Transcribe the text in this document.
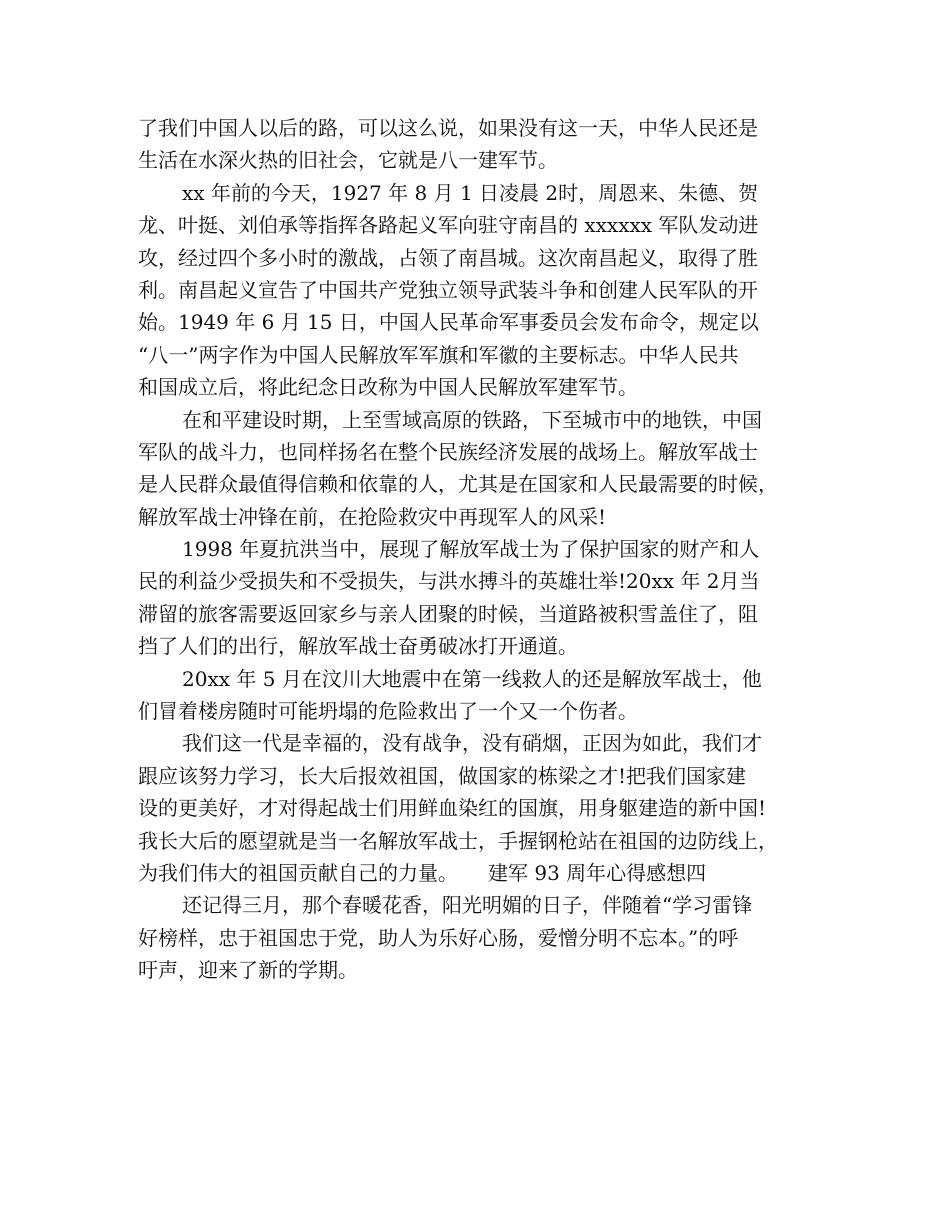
了我们中国人以后的路，可以这么说，如果没有这一天，中华人民还是
生活在水深火热的旧社会，它就是八一建军节。
xx 年前的今天，1927 年 8 月 1 日凌晨 2时，周恩来、朱德、贺
龙、叶挺、刘伯承等指挥各路起义军向驻守南昌的 xxxxxx 军队发动进
攻，经过四个多小时的激战，占领了南昌城。这次南昌起义，取得了胜
利。南昌起义宣告了中国共产党独立领导武装斗争和创建人民军队的开
始。1949 年 6 月 15 日，中国人民革命军事委员会发布命令，规定以
“八一”两字作为中国人民解放军军旗和军徽的主要标志。中华人民共
和国成立后，将此纪念日改称为中国人民解放军建军节。
在和平建设时期，上至雪域高原的铁路，下至城市中的地铁，中国
军队的战斗力，也同样扬名在整个民族经济发展的战场上。解放军战士
是人民群众最值得信赖和依靠的人，尤其是在国家和人民最需要的时候，
解放军战士冲锋在前，在抢险救灾中再现军人的风采!
1998 年夏抗洪当中，展现了解放军战士为了保护国家的财产和人
民的利益少受损失和不受损失，与洪水搏斗的英雄壮举!20xx 年 2月当
滞留的旅客需要返回家乡与亲人团聚的时候，当道路被积雪盖住了，阻
挡了人们的出行，解放军战士奋勇破冰打开通道。
20xx 年 5 月在汶川大地震中在第一线救人的还是解放军战士，他
们冒着楼房随时可能坍塌的危险救出了一个又一个伤者。
我们这一代是幸福的，没有战争，没有硝烟，正因为如此，我们才
跟应该努力学习，长大后报效祖国，做国家的栋梁之才!把我们国家建
设的更美好，才对得起战士们用鲜血染红的国旗，用身躯建造的新中国!
我长大后的愿望就是当一名解放军战士，手握钢枪站在祖国的边防线上，
为我们伟大的祖国贡献自己的力量。　　建军 93 周年心得感想四
还记得三月，那个春暖花香，阳光明媚的日子，伴随着“学习雷锋
好榜样，忠于祖国忠于党，助人为乐好心肠，爱憎分明不忘本。”的呼
吁声，迎来了新的学期。
